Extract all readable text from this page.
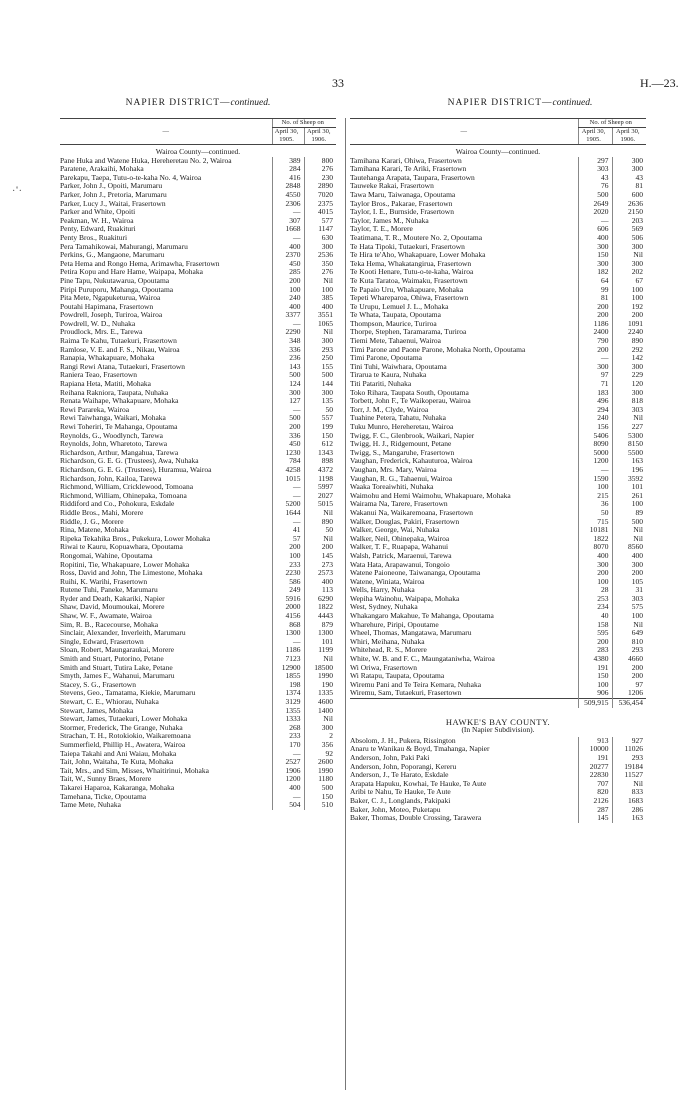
33	H.—23.
·˚·
NAPIER DISTRICT—continued.	NAPIER DISTRICT—continued.
—	No. of Sheep on	
	April 30, 1905.	April 30, 1906.
Wairoa County—continued.		
Pane Huka and Watene Huka, Hereheretau No. 2, Wairoa	389	800
Paratene, Arakaihi, Mohaka	284	276
Parekapu, Taepa, Tutu-o-te-kaha No. 4, Wairoa	416	230
Parker, John J., Opoiti, Marumaru	2848	2890
Parker, John J., Pretoria, Marumaru	4550	7020
Parker, Lucy J., Waitai, Frasertown	2306	2375
Parker and White, Opoiti	—	4015
Peakman, W. H., Wairoa	307	577
Penty, Edward, Ruakituri	1668	1147
Penty Bros., Ruakituri	—	630
Pera Tamahikowai, Mahurangi, Marumaru	400	300
Perkins, G., Mangaone, Marumaru	2370	2536
Peta Hema and Rongo Hema, Arimawha, Frasertown	450	350
Petira Kopu and Hare Hame, Waipapa, Mohaka	285	276
Pine Tapu, Nukutawarua, Opoutama	200	Nil
Piripi Puruporu, Mahanga, Opoutama	100	100
Pita Mete, Ngapuketurua, Wairoa	240	385
Poutahi Hapimana, Frasertown	400	400
Powdrell, Joseph, Turiroa, Wairoa	3377	3551
Powdrell, W. D., Nuhaka	—	1065
Proudlock, Mrs. E., Tarewa	2290	Nil
Raima Te Kahu, Tutaekuri, Frasertown	348	300
Ramlose, V. E. and F. S., Nikau, Wairoa	336	293
Ranapia, Whakapuare, Mohaka	236	250
Rangi Rewi Atana, Tutaekuri, Frasertown	143	155
Raniera Teao, Frasertown	500	500
Rapiana Heta, Matiti, Mohaka	124	144
Reihana Rakniora, Taupata, Nuhaka	300	300
Renata Waihape, Whakapuare, Mohaka	127	135
Rewi Parareka, Wairoa	—	50
Rewi Taiwhanga, Waikari, Mohaka	500	557
Rewi Toheriri, Te Mahanga, Opoutama	200	199
Reynolds, G., Woodlynch, Tarewa	336	150
Reynolds, John, Wharetoto, Tarewa	450	612
Richardson, Arthur, Mangahua, Tarewa	1230	1343
Richardson, G. E. G. (Trustees), Awa, Nuhaka	784	898
Richardson, G. E. G. (Trustees), Huramua, Wairoa	4258	4372
Richardson, John, Kailoa, Tarewa	1015	1198
Richmond, William, Cricklewood, Tomoana	—	5997
Richmond, William, Ohinepaka, Tomoana	—	2027
Riddiford and Co., Pohokura, Eskdale	5200	5015
Riddle Bros., Mahi, Morere	1644	Nil
Riddle, J. G., Morere	—	890
Rina, Matene, Mohaka	41	50
Ripeka Tekahika Bros., Pukekura, Lower Mohaka	57	Nil
Riwai te Kauru, Kopuawhara, Opoutama	200	200
Rongomai, Wahine, Opoutama	100	145
Ropitini, Tie, Whakapuare, Lower Mohaka	233	273
Ross, David and John, The Limestone, Mohaka	2230	2573
Ruihi, K. Warihi, Frasertown	586	400
Rutene Tuhi, Paneke, Marumaru	249	113
Ryder and Death, Kakariki, Napier	5916	6290
Shaw, David, Moumoukai, Morere	2000	1822
Shaw, W. F., Awamate, Wairoa	4156	4443
Sim, R. B., Racecourse, Mohaka	868	879
Sinclair, Alexander, Inverleith, Marumaru	1300	1300
Single, Edward, Frasertown	—	101
Sloan, Robert, Maungaraukai, Morere	1186	1199
Smith and Stuart, Putorino, Petane	7123	Nil
Smith and Stuart, Tutira Lake, Petane	12900	18500
Smyth, James F., Wahanui, Marumaru	1855	1990
Stacey, S. G., Frasertown	198	190
Stevens, Geo., Tamatama, Kiekie, Marumaru	1374	1335
Stewart, C. E., Whiorau, Nuhaka	3129	4600
Stewart, James, Mohaka	1355	1400
Stewart, James, Tutaekuri, Lower Mohaka	1333	Nil
Stormer, Frederick, The Grange, Nuhaka	268	300
Strachan, T. H., Rotokiokio, Waikaremoana	233	2
Summerfield, Phillip H., Awatera, Wairoa	170	356
Taiepa Takahi and Ani Waiau, Mohaka	—	92
Tait, John, Waitaha, Te Kuta, Mohaka	2527	2600
Tait, Mrs., and Sim, Misses, Whaitirinui, Mohaka	1906	1990
Tait, W., Sunny Braes, Morere	1200	1180
Takarei Haparoa, Kakaranga, Mohaka	400	500
Tamehana, Ticke, Opoutama	—	150
Tame Mete, Nuhaka	504	510
—	No. of Sheep on	
	April 30, 1905.	April 30, 1906.
Wairoa County—continued.		
Tamihana Karari, Ohiwa, Frasertown	297	300
Tamihana Karari, Te Ariki, Frasertown	303	300
Tautehanga Arapata, Taupara, Frasertown	43	43
Tauweke Rakai, Frasertown	76	81
Tawa Maru, Taiwanaga, Opoutama	500	600
Taylor Bros., Pakarae, Frasertown	2649	2636
Taylor, I. E., Burnside, Frasertown	2020	2150
Taylor, James M., Nuhaka	—	203
Taylor, T. E., Morere	606	569
Teatimana, T. R., Moutere No. 2, Opoutama	400	506
Te Hata Tipoki, Tutaekuri, Frasertown	300	300
Te Hira te'Aho, Whakapuare, Lower Mohaka	150	Nil
Teka Hema, Whakatangirua, Frasertown	300	300
Te Kooti Henare, Tutu-o-te-kaha, Wairoa	182	202
Te Kuta Taratoa, Waimaku, Frasertown	64	67
Te Papaio Uru, Whakapuare, Mohaka	99	100
Tepeti Whareparoa, Ohiwa, Frasertown	81	100
Te Urupu, Lemuel J. L., Mohaka	200	192
Te Whata, Taupata, Opoutama	200	200
Thompson, Maurice, Turiroa	1186	1091
Thorpe, Stephen, Taramarama, Turiroa	2400	2240
Tiemi Mete, Tahaenui, Wairoa	790	890
Timi Parone and Paone Parone, Mohaka North, Opoutama	200	292
Timi Parone, Opoutama	—	142
Tini Tuhi, Waiwhara, Opoutama	300	300
Tirarua te Kaura, Nuhaka	97	229
Titi Patariti, Nuhaka	71	120
Toko Rihara, Taupata South, Opoutama	183	300
Torbett, John F., Te Waikoperau, Wairoa	496	818
Torr, J. M., Clyde, Wairoa	294	303
Tuahine Petera, Tahatu, Nuhaka	240	Nil
Tuku Munro, Hereheretau, Wairoa	156	227
Twigg, F. C., Glenbrook, Waikari, Napier	5406	5300
Twigg, H. J., Ridgemount, Petane	8090	8150
Twigg, S., Mangaruhe, Frasertown	5000	5500
Vaughan, Frederick, Kahauturoa, Wairoa	1200	163
Vaughan, Mrs. Mary, Wairoa	—	196
Vaughan, R. G., Tahaenui, Wairoa	1590	3592
Waaka Toreaiwhiti, Nuhaka	100	101
Waimohu and Hemi Waimohu, Whakapuare, Mohaka	215	261
Wairama Na, Tarere, Frasertown	36	100
Wakanui Na, Waikaremoana, Frasertown	50	89
Walker, Douglas, Pakiri, Frasertown	715	500
Walker, George, Wai, Nuhaka	10181	Nil
Walker, Neil, Ohinepaka, Wairoa	1822	Nil
Walker, T. F., Ruapapa, Wahanui	8070	8560
Walsh, Patrick, Maraenui, Tarewa	400	400
Wata Hata, Arapawanui, Tongoio	300	300
Watene Paioneone, Taiwananga, Opoutama	200	200
Watene, Winiata, Wairoa	100	105
Wells, Harry, Nuhaka	28	31
Wepiha Wainohu, Waipapa, Mohaka	253	303
West, Sydney, Nuhaka	234	575
Whakangaro Makahue, Te Mahanga, Opoutama	40	100
Wharehure, Piripi, Opoutame	158	Nil
Wheel, Thomas, Mangatawa, Marumaru	595	649
Whiri, Meihana, Nuhaka	200	810
Whitehead, R. S., Morere	283	293
White, W. B. and F. C., Maungataniwha, Wairoa	4380	4660
Wi Oriwa, Frasertown	191	200
Wi Ratapu, Taupata, Opoutama	150	200
Wiremu Pani and Te Teira Kemara, Nuhaka	100	97
Wiremu, Sam, Tutaekuri, Frasertown	906	1206
	509,915	536,454
HAWKE'S BAY COUNTY.		
(In Napier Subdivision).		
Absolom, J. H., Pukera, Rissington	913	927
Anaru te Wanikau & Boyd, Tmahanga, Napier	10000	11026
Anderson, John, Paki Paki	191	293
Anderson, John, Poporangi, Kereru	20277	19184
Anderson, J., Te Harato, Eskdale	22830	11527
Arapata Hapuku, Kowhai, Te Hauke, Te Aute	707	Nil
Aribi te Nahu, Te Hauke, Te Aute	820	833
Baker, C. J., Longlands, Pakipaki	2126	1683
Baker, John, Moteo, Puketapu	287	286
Baker, Thomas, Double Crossing, Tarawera	145	163
